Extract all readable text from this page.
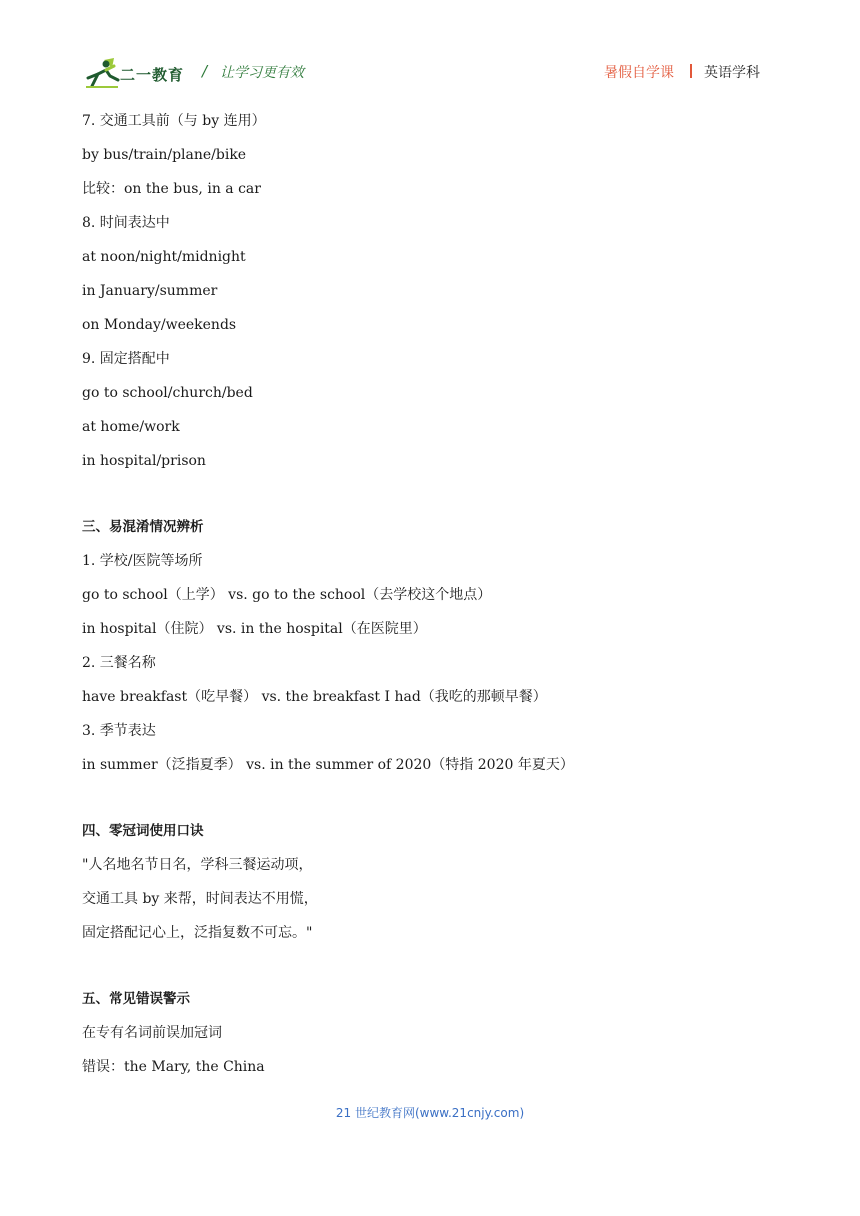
二一教育 / 让学习更有效	暑假自学课 英语学科
7. 交通工具前（与 by 连用）
by bus/train/plane/bike
比较：on the bus, in a car
8. 时间表达中
at noon/night/midnight
in January/summer
on Monday/weekends
9. 固定搭配中
go to school/church/bed
at home/work
in hospital/prison
三、易混淆情况辨析
1. 学校/医院等场所
go to school（上学） vs. go to the school（去学校这个地点）
in hospital（住院） vs. in the hospital（在医院里）
2. 三餐名称
have breakfast（吃早餐） vs. the breakfast I had（我吃的那顿早餐）
3. 季节表达
in summer（泛指夏季） vs. in the summer of 2020（特指 2020 年夏天）
四、零冠词使用口诀
"人名地名节日名，学科三餐运动项，
交通工具 by 来帮，时间表达不用慌，
固定搭配记心上，泛指复数不可忘。"
五、常见错误警示
在专有名词前误加冠词
错误：the Mary, the China
21 世纪教育网(www.21cnjy.com)
